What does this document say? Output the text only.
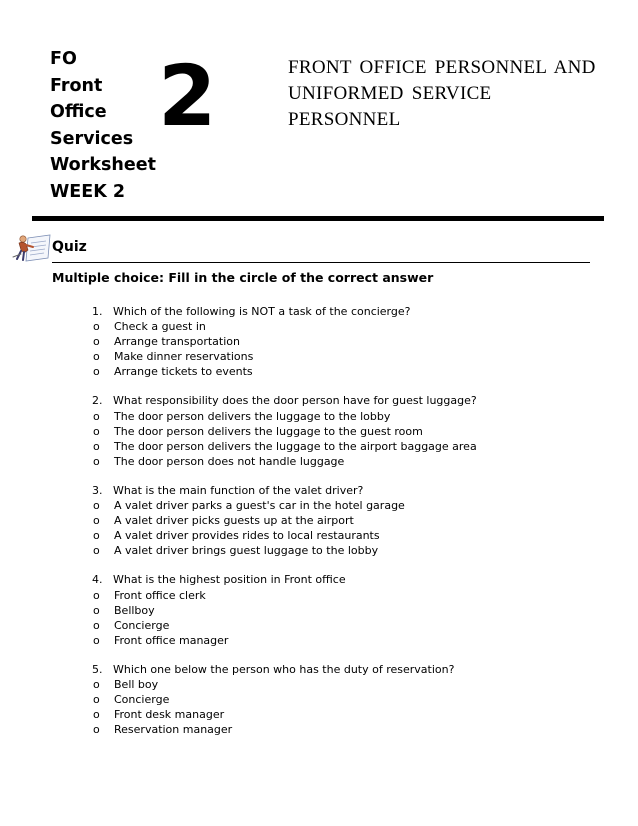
FO
Front
Office
Services
Worksheet
WEEK 2
2	FRONT OFFICE PERSONNEL AND
UNIFORMED SERVICE
PERSONNEL
Quiz
Multiple choice: Fill in the circle of the correct answer
1. Which of the following is NOT a task of the concierge?
o	Check a guest in
o	Arrange transportation
o	Make dinner reservations
o	Arrange tickets to events
2. What responsibility does the door person have for guest luggage?
o	The door person delivers the luggage to the lobby
o	The door person delivers the luggage to the guest room
o	The door person delivers the luggage to the airport baggage area
o	The door person does not handle luggage
3. What is the main function of the valet driver?
o	A valet driver parks a guest's car in the hotel garage
o	A valet driver picks guests up at the airport
o	A valet driver provides rides to local restaurants
o	A valet driver brings guest luggage to the lobby
4. What is the highest position in Front office
o	Front office clerk
o	Bellboy
o	Concierge
o	Front office manager
5. Which one below the person who has the duty of reservation?
o	Bell boy
o	Concierge
o	Front desk manager
o	Reservation manager
